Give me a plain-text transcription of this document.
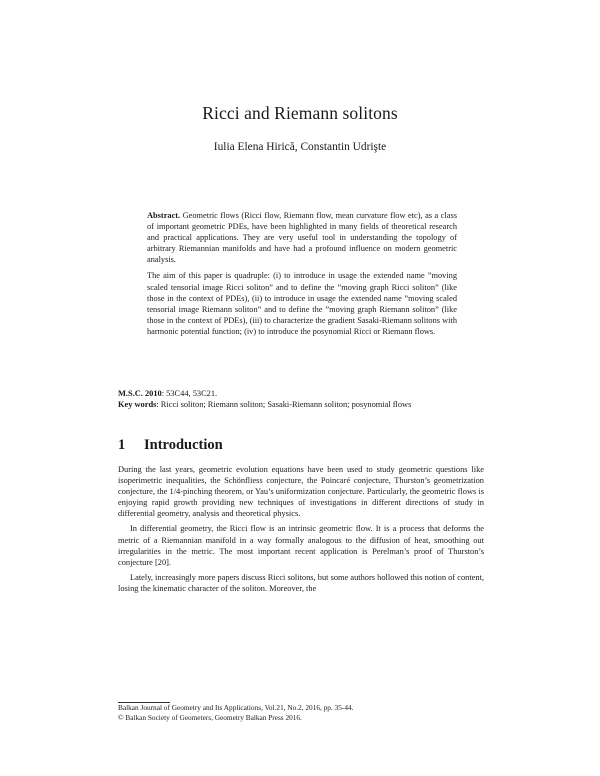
Ricci and Riemann solitons
Iulia Elena Hirică, Constantin Udrişte

Abstract. Geometric flows (Ricci flow, Riemann flow, mean curvature flow etc), as a class of important geometric PDEs, have been highlighted in many fields of theoretical research and practical applications. They are very useful tool in understanding the topology of arbitrary Riemannian manifolds and have had a profound influence on modern geometric analysis.

The aim of this paper is quadruple: (i) to introduce in usage the extended name ”moving scaled tensorial image Ricci soliton” and to define the ”moving graph Ricci soliton” (like those in the context of PDEs), (ii) to introduce in usage the extended name ”moving scaled tensorial image Riemann soliton” and to define the ”moving graph Riemann soliton” (like those in the context of PDEs), (iii) to characterize the gradient Sasaki-Riemann solitons with harmonic potential function; (iv) to introduce the posynomial Ricci or Riemann flows.

M.S.C. 2010: 53C44, 53C21.

Key words: Ricci soliton; Riemann soliton; Sasaki-Riemann soliton; posynomial flows

1 Introduction

During the last years, geometric evolution equations have been used to study geometric questions like isoperimetric inequalities, the Schönfliess conjecture, the Poincaré conjecture, Thurston’s geometrization conjecture, the 1/4-pinching theorem, or Yau’s uniformization conjecture. Particularly, the geometric flows is enjoying rapid growth providing new techniques of investigations in different directions of study in differential geometry, analysis and theoretical physics.

In differential geometry, the Ricci flow is an intrinsic geometric flow. It is a process that deforms the metric of a Riemannian manifold in a way formally analogous to the diffusion of heat, smoothing out irregularities in the metric. The most important recent application is Perelman’s proof of Thurston’s conjecture [20].

Lately, increasingly more papers discuss Ricci solitons, but some authors hollowed this notion of content, losing the kinematic character of the soliton. Moreover, the

Balkan Journal of Geometry and Its Applications, Vol.21, No.2, 2016, pp. 35-44.

© Balkan Society of Geometers, Geometry Balkan Press 2016.
